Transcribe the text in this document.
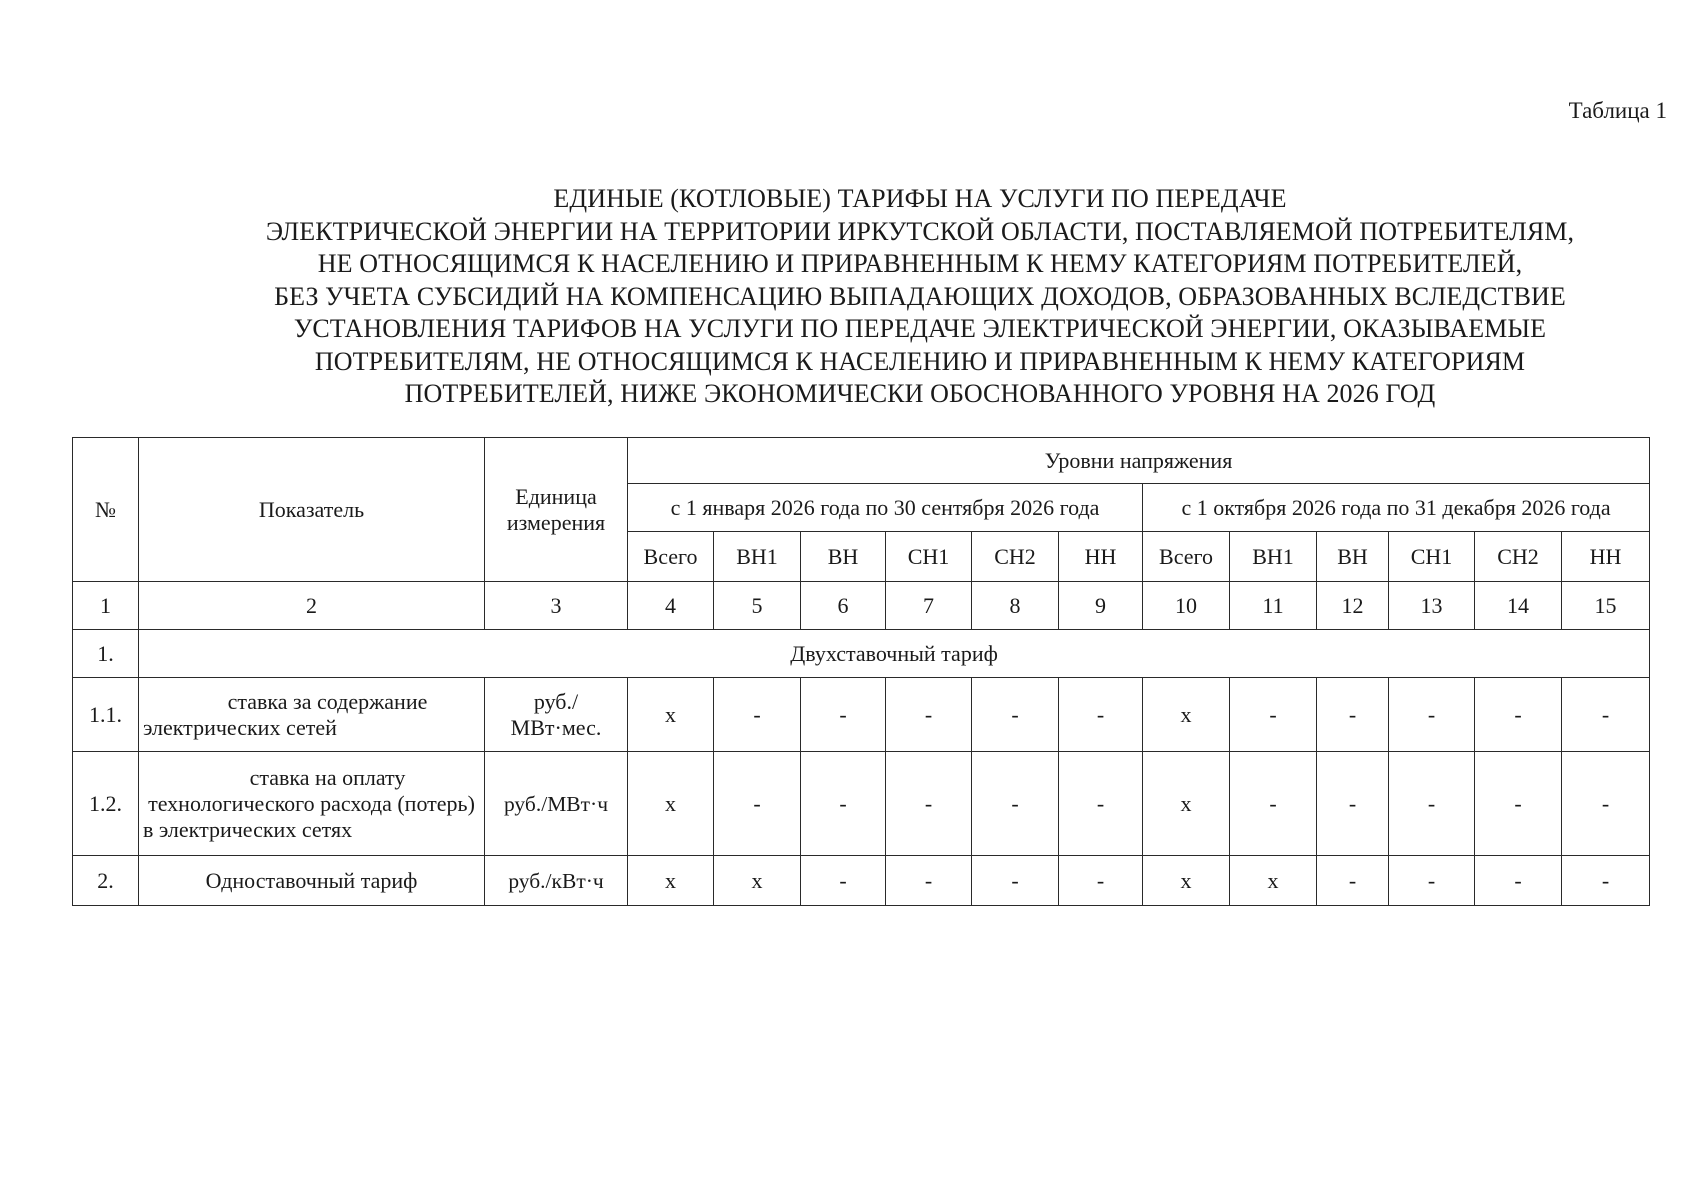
Таблица 1
ЕДИНЫЕ (КОТЛОВЫЕ) ТАРИФЫ НА УСЛУГИ ПО ПЕРЕДАЧЕ
ЭЛЕКТРИЧЕСКОЙ ЭНЕРГИИ НА ТЕРРИТОРИИ ИРКУТСКОЙ ОБЛАСТИ, ПОСТАВЛЯЕМОЙ ПОТРЕБИТЕЛЯМ,
НЕ ОТНОСЯЩИМСЯ К НАСЕЛЕНИЮ И ПРИРАВНЕННЫМ К НЕМУ КАТЕГОРИЯМ ПОТРЕБИТЕЛЕЙ,
БЕЗ УЧЕТА СУБСИДИЙ НА КОМПЕНСАЦИЮ ВЫПАДАЮЩИХ ДОХОДОВ, ОБРАЗОВАННЫХ ВСЛЕДСТВИЕ
УСТАНОВЛЕНИЯ ТАРИФОВ НА УСЛУГИ ПО ПЕРЕДАЧЕ ЭЛЕКТРИЧЕСКОЙ ЭНЕРГИИ, ОКАЗЫВАЕМЫЕ
ПОТРЕБИТЕЛЯМ, НЕ ОТНОСЯЩИМСЯ К НАСЕЛЕНИЮ И ПРИРАВНЕННЫМ К НЕМУ КАТЕГОРИЯМ
ПОТРЕБИТЕЛЕЙ, НИЖЕ ЭКОНОМИЧЕСКИ ОБОСНОВАННОГО УРОВНЯ НА 2026 ГОД
№	Показатель	Единица измерения	Уровни напряжения											
			с 1 января 2026 года по 30 сентября 2026 года						с 1 октября 2026 года по 31 декабря 2026 года					
			Всего	ВН1	ВН	СН1	СН2	НН	Всего	ВН1	ВН	СН1	СН2	НН
1	2	3	4	5	6	7	8	9	10	11	12	13	14	15
1.	Двухставочный тариф													
1.1.	ставка за содержание электрических сетей	руб./МВт·мес.	x	-	-	-	-	-	x	-	-	-	-	-
1.2.	ставка на оплату технологического расхода (потерь) в электрических сетях	руб./МВт·ч	x	-	-	-	-	-	x	-	-	-	-	-
2.	Одноставочный тариф	руб./кВт·ч	x	x	-	-	-	-	x	x	-	-	-	-
